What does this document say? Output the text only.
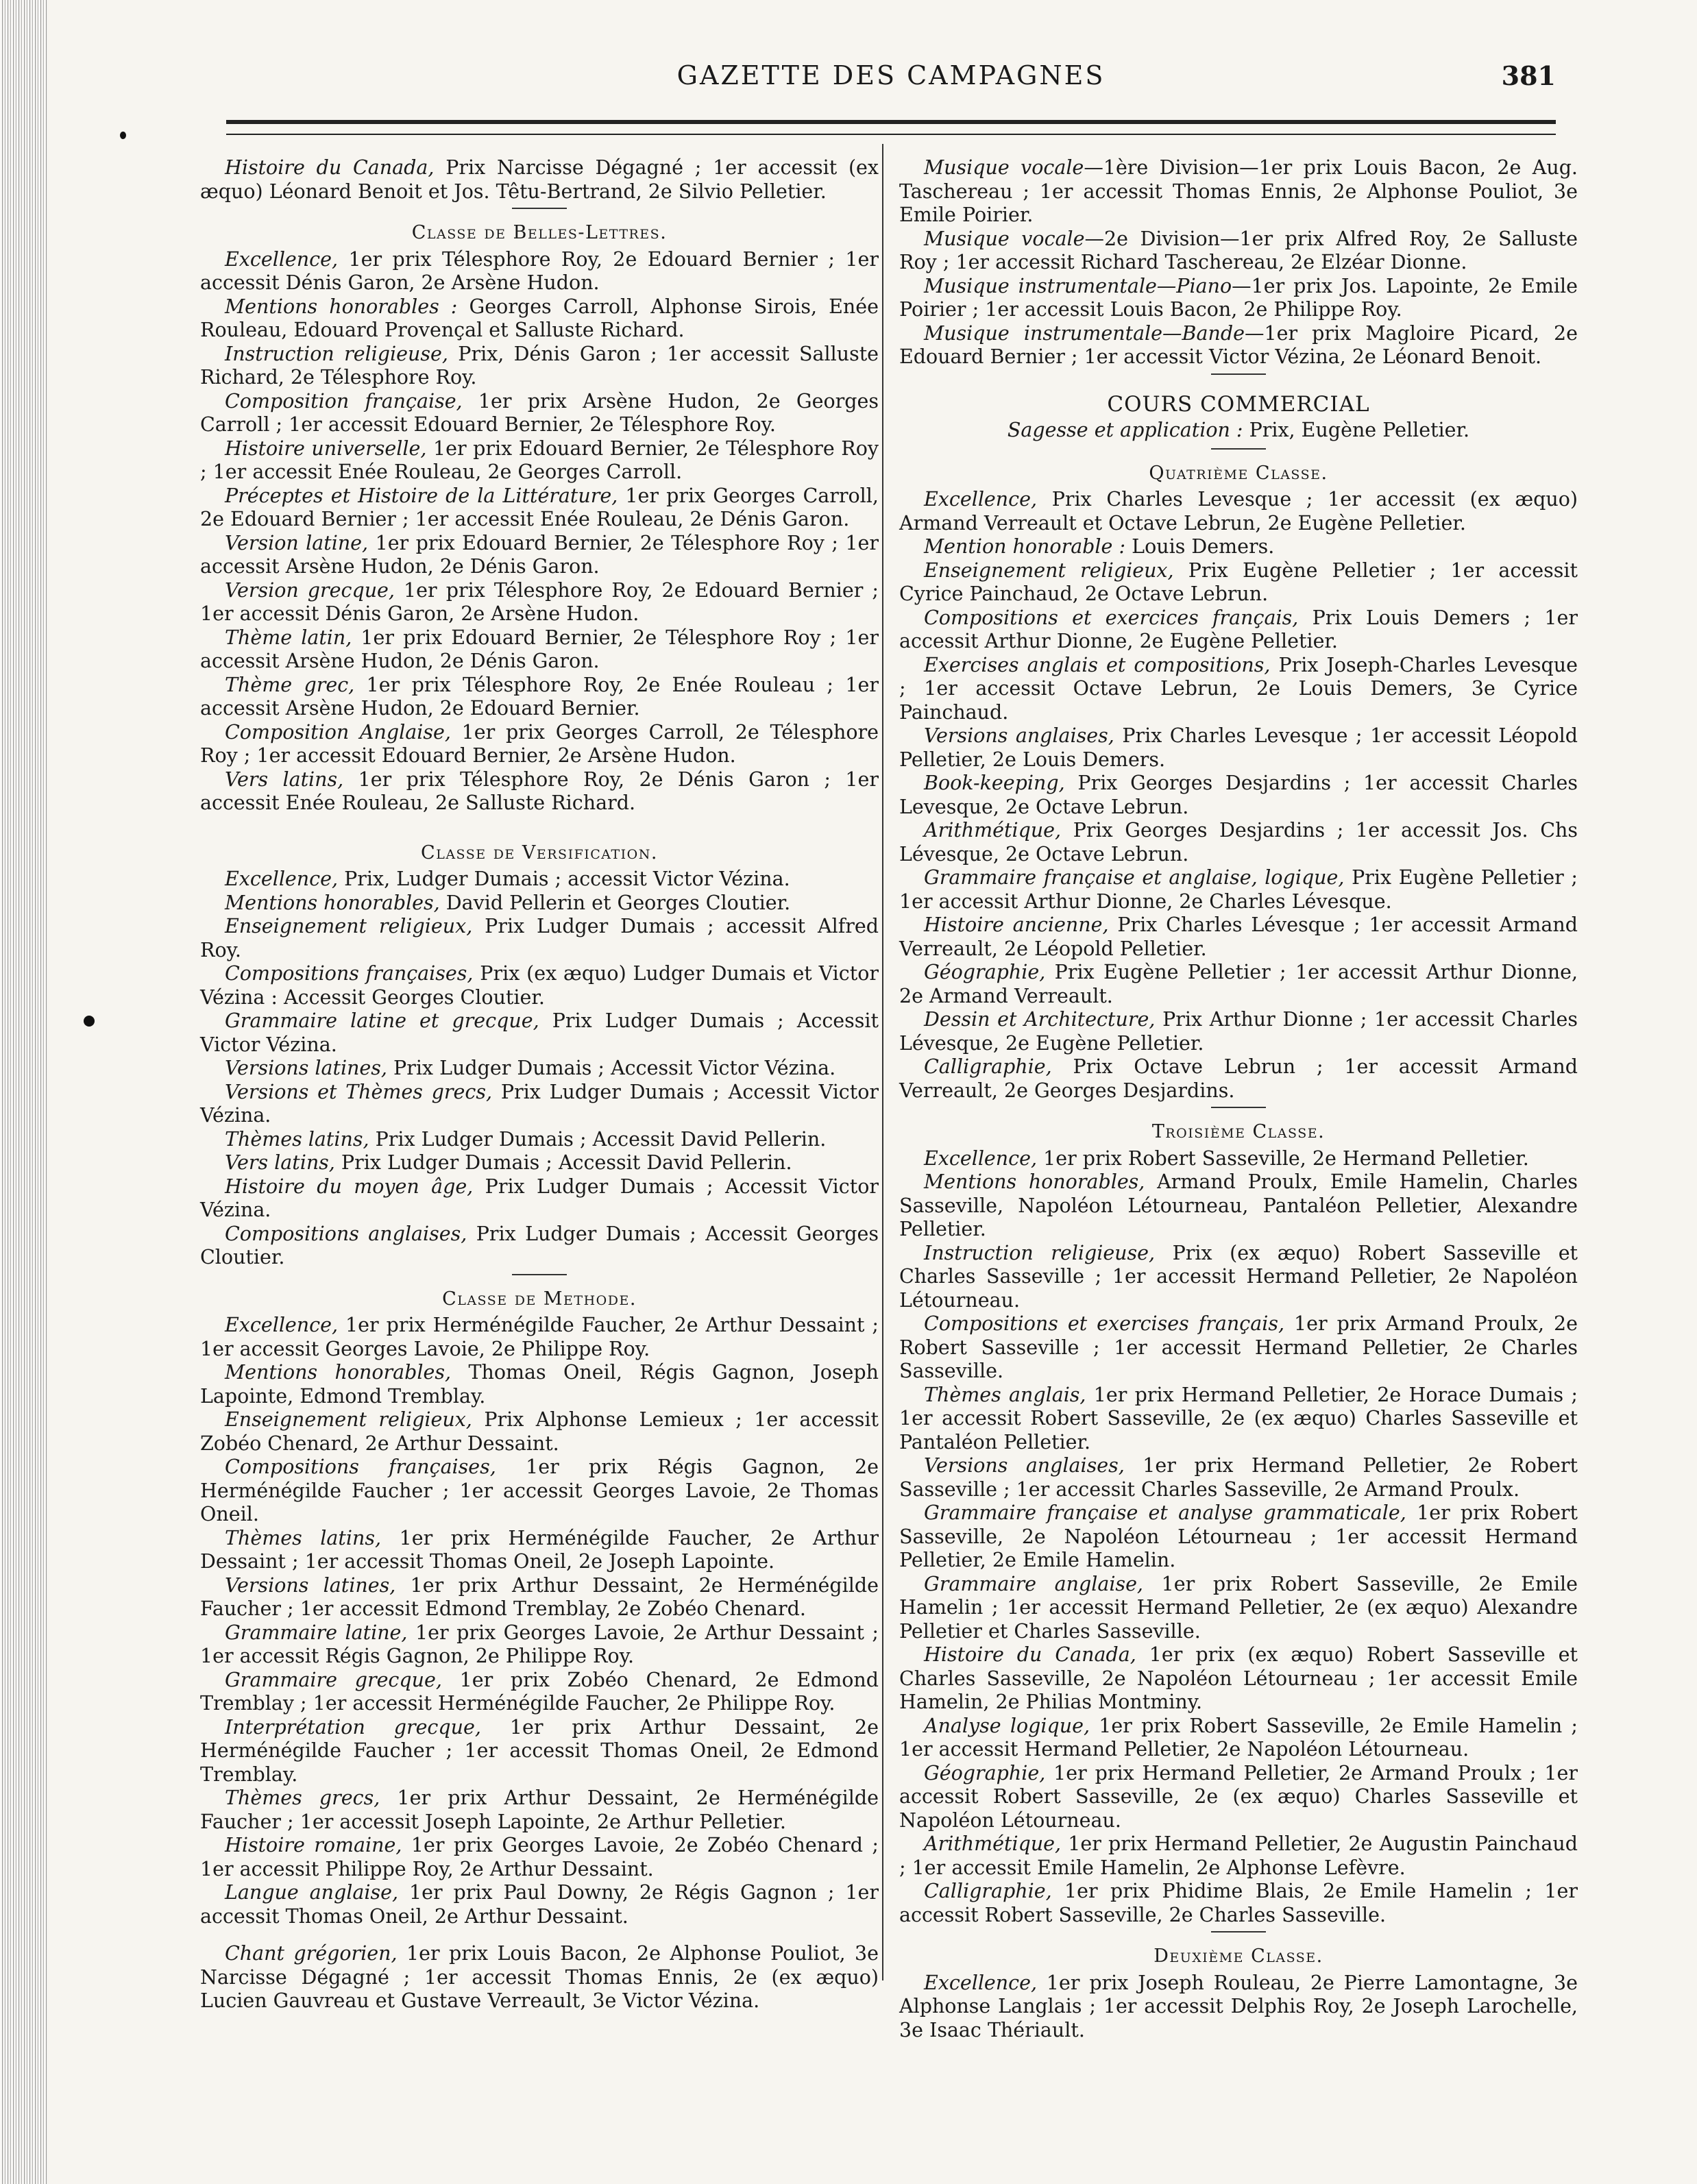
GAZETTE DES CAMPAGNES	381

Histoire du Canada, Prix Narcisse Dégagné ; 1er accessit (ex æquo) Léonard Benoit et Jos. Têtu-Bertrand, 2e Silvio Pelletier.

Classe de Belles-Lettres.

Excellence, 1er prix Télesphore Roy, 2e Edouard Bernier ; 1er accessit Dénis Garon, 2e Arsène Hudon.

Mentions honorables : Georges Carroll, Alphonse Sirois, Enée Rouleau, Edouard Provençal et Salluste Richard.

Instruction religieuse, Prix, Dénis Garon ; 1er accessit Salluste Richard, 2e Télesphore Roy.

Composition française, 1er prix Arsène Hudon, 2e Georges Carroll ; 1er accessit Edouard Bernier, 2e Télesphore Roy.

Histoire universelle, 1er prix Edouard Bernier, 2e Télesphore Roy ; 1er accessit Enée Rouleau, 2e Georges Carroll.

Préceptes et Histoire de la Littérature, 1er prix Georges Carroll, 2e Edouard Bernier ; 1er accessit Enée Rouleau, 2e Dénis Garon.

Version latine, 1er prix Edouard Bernier, 2e Télesphore Roy ; 1er accessit Arsène Hudon, 2e Dénis Garon.

Version grecque, 1er prix Télesphore Roy, 2e Edouard Bernier ; 1er accessit Dénis Garon, 2e Arsène Hudon.

Thème latin, 1er prix Edouard Bernier, 2e Télesphore Roy ; 1er accessit Arsène Hudon, 2e Dénis Garon.

Thème grec, 1er prix Télesphore Roy, 2e Enée Rouleau ; 1er accessit Arsène Hudon, 2e Edouard Bernier.

Composition Anglaise, 1er prix Georges Carroll, 2e Télesphore Roy ; 1er accessit Edouard Bernier, 2e Arsène Hudon.

Vers latins, 1er prix Télesphore Roy, 2e Dénis Garon ; 1er accessit Enée Rouleau, 2e Salluste Richard.

Classe de Versification.

Excellence, Prix, Ludger Dumais ; accessit Victor Vézina.

Mentions honorables, David Pellerin et Georges Cloutier.

Enseignement religieux, Prix Ludger Dumais ; accessit Alfred Roy.

Compositions françaises, Prix (ex æquo) Ludger Dumais et Victor Vézina : Accessit Georges Cloutier.

Grammaire latine et grecque, Prix Ludger Dumais ; Accessit Victor Vézina.

Versions latines, Prix Ludger Dumais ; Accessit Victor Vézina.

Versions et Thèmes grecs, Prix Ludger Dumais ; Accessit Victor Vézina.

Thèmes latins, Prix Ludger Dumais ; Accessit David Pellerin.

Vers latins, Prix Ludger Dumais ; Accessit David Pellerin.

Histoire du moyen âge, Prix Ludger Dumais ; Accessit Victor Vézina.

Compositions anglaises, Prix Ludger Dumais ; Accessit Georges Cloutier.

Classe de Methode.

Excellence, 1er prix Herménégilde Faucher, 2e Arthur Dessaint ; 1er accessit Georges Lavoie, 2e Philippe Roy.

Mentions honorables, Thomas Oneil, Régis Gagnon, Joseph Lapointe, Edmond Tremblay.

Enseignement religieux, Prix Alphonse Lemieux ; 1er accessit Zobéo Chenard, 2e Arthur Dessaint.

Compositions françaises, 1er prix Régis Gagnon, 2e Herménégilde Faucher ; 1er accessit Georges Lavoie, 2e Thomas Oneil.

Thèmes latins, 1er prix Herménégilde Faucher, 2e Arthur Dessaint ; 1er accessit Thomas Oneil, 2e Joseph Lapointe.

Versions latines, 1er prix Arthur Dessaint, 2e Herménégilde Faucher ; 1er accessit Edmond Tremblay, 2e Zobéo Chenard.

Grammaire latine, 1er prix Georges Lavoie, 2e Arthur Dessaint ; 1er accessit Régis Gagnon, 2e Philippe Roy.

Grammaire grecque, 1er prix Zobéo Chenard, 2e Edmond Tremblay ; 1er accessit Herménégilde Faucher, 2e Philippe Roy.

Interprétation grecque, 1er prix Arthur Dessaint, 2e Herménégilde Faucher ; 1er accessit Thomas Oneil, 2e Edmond Tremblay.

Thèmes grecs, 1er prix Arthur Dessaint, 2e Herménégilde Faucher ; 1er accessit Joseph Lapointe, 2e Arthur Pelletier.

Histoire romaine, 1er prix Georges Lavoie, 2e Zobéo Chenard ; 1er accessit Philippe Roy, 2e Arthur Dessaint.

Langue anglaise, 1er prix Paul Downy, 2e Régis Gagnon ; 1er accessit Thomas Oneil, 2e Arthur Dessaint.

Chant grégorien, 1er prix Louis Bacon, 2e Alphonse Pouliot, 3e Narcisse Dégagné ; 1er accessit Thomas Ennis, 2e (ex æquo) Lucien Gauvreau et Gustave Verreault, 3e Victor Vézina.

Musique vocale—1ère Division—1er prix Louis Bacon, 2e Aug. Taschereau ; 1er accessit Thomas Ennis, 2e Alphonse Pouliot, 3e Emile Poirier.

Musique vocale—2e Division—1er prix Alfred Roy, 2e Salluste Roy ; 1er accessit Richard Taschereau, 2e Elzéar Dionne.

Musique instrumentale—Piano—1er prix Jos. Lapointe, 2e Emile Poirier ; 1er accessit Louis Bacon, 2e Philippe Roy.

Musique instrumentale—Bande—1er prix Magloire Picard, 2e Edouard Bernier ; 1er accessit Victor Vézina, 2e Léonard Benoit.

COURS COMMERCIAL

Sagesse et application : Prix, Eugène Pelletier.

Quatrième Classe.

Excellence, Prix Charles Levesque ; 1er accessit (ex æquo) Armand Verreault et Octave Lebrun, 2e Eugène Pelletier.

Mention honorable : Louis Demers.

Enseignement religieux, Prix Eugène Pelletier ; 1er accessit Cyrice Painchaud, 2e Octave Lebrun.

Compositions et exercices français, Prix Louis Demers ; 1er accessit Arthur Dionne, 2e Eugène Pelletier.

Exercises anglais et compositions, Prix Joseph-Charles Levesque ; 1er accessit Octave Lebrun, 2e Louis Demers, 3e Cyrice Painchaud.

Versions anglaises, Prix Charles Levesque ; 1er accessit Léopold Pelletier, 2e Louis Demers.

Book-keeping, Prix Georges Desjardins ; 1er accessit Charles Levesque, 2e Octave Lebrun.

Arithmétique, Prix Georges Desjardins ; 1er accessit Jos. Chs Lévesque, 2e Octave Lebrun.

Grammaire française et anglaise, logique, Prix Eugène Pelletier ; 1er accessit Arthur Dionne, 2e Charles Lévesque.

Histoire ancienne, Prix Charles Lévesque ; 1er accessit Armand Verreault, 2e Léopold Pelletier.

Géographie, Prix Eugène Pelletier ; 1er accessit Arthur Dionne, 2e Armand Verreault.

Dessin et Architecture, Prix Arthur Dionne ; 1er accessit Charles Lévesque, 2e Eugène Pelletier.

Calligraphie, Prix Octave Lebrun ; 1er accessit Armand Verreault, 2e Georges Desjardins.

Troisième Classe.

Excellence, 1er prix Robert Sasseville, 2e Hermand Pelletier.

Mentions honorables, Armand Proulx, Emile Hamelin, Charles Sasseville, Napoléon Létourneau, Pantaléon Pelletier, Alexandre Pelletier.

Instruction religieuse, Prix (ex æquo) Robert Sasseville et Charles Sasseville ; 1er accessit Hermand Pelletier, 2e Napoléon Létourneau.

Compositions et exercises français, 1er prix Armand Proulx, 2e Robert Sasseville ; 1er accessit Hermand Pelletier, 2e Charles Sasseville.

Thèmes anglais, 1er prix Hermand Pelletier, 2e Horace Dumais ; 1er accessit Robert Sasseville, 2e (ex æquo) Charles Sasseville et Pantaléon Pelletier.

Versions anglaises, 1er prix Hermand Pelletier, 2e Robert Sasseville ; 1er accessit Charles Sasseville, 2e Armand Proulx.

Grammaire française et analyse grammaticale, 1er prix Robert Sasseville, 2e Napoléon Létourneau ; 1er accessit Hermand Pelletier, 2e Emile Hamelin.

Grammaire anglaise, 1er prix Robert Sasseville, 2e Emile Hamelin ; 1er accessit Hermand Pelletier, 2e (ex æquo) Alexandre Pelletier et Charles Sasseville.

Histoire du Canada, 1er prix (ex æquo) Robert Sasseville et Charles Sasseville, 2e Napoléon Létourneau ; 1er accessit Emile Hamelin, 2e Philias Montminy.

Analyse logique, 1er prix Robert Sasseville, 2e Emile Hamelin ; 1er accessit Hermand Pelletier, 2e Napoléon Létourneau.

Géographie, 1er prix Hermand Pelletier, 2e Armand Proulx ; 1er accessit Robert Sasseville, 2e (ex æquo) Charles Sasseville et Napoléon Létourneau.

Arithmétique, 1er prix Hermand Pelletier, 2e Augustin Painchaud ; 1er accessit Emile Hamelin, 2e Alphonse Lefèvre.

Calligraphie, 1er prix Phidime Blais, 2e Emile Hamelin ; 1er accessit Robert Sasseville, 2e Charles Sasseville.

Deuxième Classe.

Excellence, 1er prix Joseph Rouleau, 2e Pierre Lamontagne, 3e Alphonse Langlais ; 1er accessit Delphis Roy, 2e Joseph Larochelle, 3e Isaac Thériault.
